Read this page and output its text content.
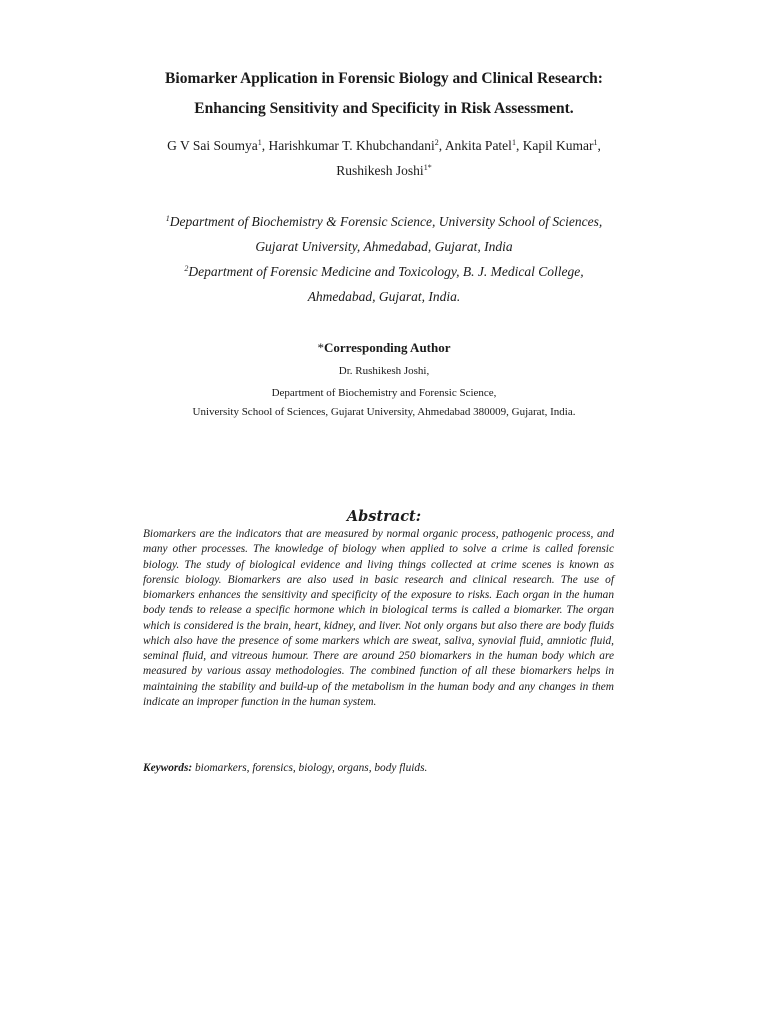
Biomarker Application in Forensic Biology and Clinical Research:
Enhancing Sensitivity and Specificity in Risk Assessment.
G V Sai Soumya$^1$, Harishkumar T. Khubchandani$^2$, Ankita Patel$^1$, Kapil Kumar$^1$,
Rushikesh Joshi$^{1*}$
$^1$Department of Biochemistry & Forensic Science, University School of Sciences,
Gujarat University, Ahmedabad, Gujarat, India
$^2$Department of Forensic Medicine and Toxicology, B. J. Medical College,
Ahmedabad, Gujarat, India.
*Corresponding Author
Dr. Rushikesh Joshi,
Department of Biochemistry and Forensic Science,
University School of Sciences, Gujarat University, Ahmedabad 380009, Gujarat, India.
Abstract:
Biomarkers are the indicators that are measured by normal organic process, pathogenic process, and many other processes. The knowledge of biology when applied to solve a crime is called forensic biology. The study of biological evidence and living things collected at crime scenes is known as forensic biology. Biomarkers are also used in basic research and clinical research. The use of biomarkers enhances the sensitivity and specificity of the exposure to risks. Each organ in the human body tends to release a specific hormone which in biological terms is called a biomarker. The organ which is considered is the brain, heart, kidney, and liver. Not only organs but also there are body fluids which also have the presence of some markers which are sweat, saliva, synovial fluid, amniotic fluid, seminal fluid, and vitreous humour. There are around 250 biomarkers in the human body which are measured by various assay methodologies. The combined function of all these biomarkers helps in maintaining the stability and build-up of the metabolism in the human body and any changes in them indicate an improper function in the human system.
Keywords: biomarkers, forensics, biology, organs, body fluids.
